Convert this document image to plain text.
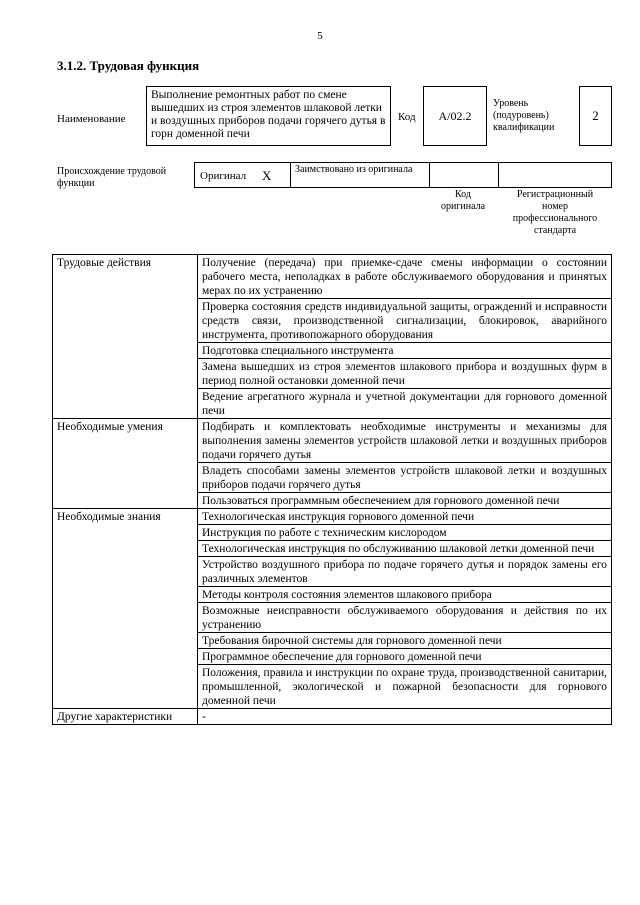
5
3.1.2. Трудовая функция
Наименование
Выполнение ремонтных работ по смене вышедших из строя элементов шлаковой летки и воздушных приборов подачи горячего дутья в горн доменной печи
Код А/02.2
Уровень (подуровень) квалификации
2
Происхождение трудовой функции
Оригинал Х Заимствовано из оригинала
Код оригинала
Регистрационный номер профессионального стандарта
Трудовые действия	Получение (передача) при приемке-сдаче смены информации о состоянии рабочего места, неполадках в работе обслуживаемого оборудования и принятых мерах по их устранению
	Проверка состояния средств индивидуальной защиты, ограждений и исправности средств связи, производственной сигнализации, блокировок, аварийного инструмента, противопожарного оборудования
	Подготовка специального инструмента
	Замена вышедших из строя элементов шлакового прибора и воздушных фурм в период полной остановки доменной печи
	Ведение агрегатного журнала и учетной документации для горнового доменной печи
Необходимые умения	Подбирать и комплектовать необходимые инструменты и механизмы для выполнения замены элементов устройств шлаковой летки и воздушных приборов подачи горячего дутья
	Владеть способами замены элементов устройств шлаковой летки и воздушных приборов подачи горячего дутья
	Пользоваться программным обеспечением для горнового доменной печи
Необходимые знания	Технологическая инструкция горнового доменной печи
	Инструкция по работе с техническим кислородом
	Технологическая инструкция по обслуживанию шлаковой летки доменной печи
	Устройство воздушного прибора по подаче горячего дутья и порядок замены его различных элементов
	Методы контроля состояния элементов шлакового прибора
	Возможные неисправности обслуживаемого оборудования и действия по их устранению
	Требования бирочной системы для горнового доменной печи
	Программное обеспечение для горнового доменной печи
	Положения, правила и инструкции по охране труда, производственной санитарии, промышленной, экологической и пожарной безопасности для горнового доменной печи
Другие характеристики	-
